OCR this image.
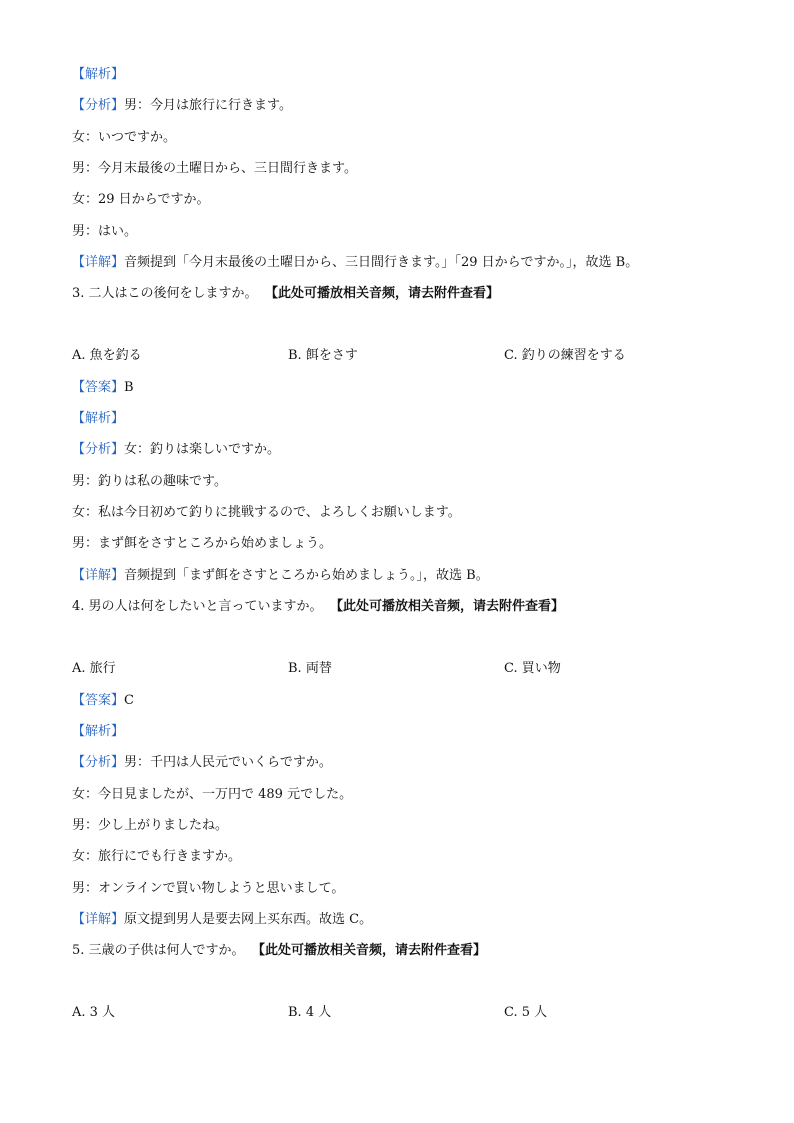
【解析】
【分析】男：今月は旅行に行きます。
女：いつですか。
男：今月末最後の土曜日から、三日間行きます。
女：29 日からですか。
男：はい。
【详解】音频提到「今月末最後の土曜日から、三日間行きます。」「29 日からですか。」，故选 B。
3. 二人はこの後何をしますか。 【此处可播放相关音频，请去附件查看】
A. 魚を釣る	B. 餌をさす	C. 釣りの練習をする
【答案】B
【解析】
【分析】女：釣りは楽しいですか。
男：釣りは私の趣味です。
女：私は今日初めて釣りに挑戦するので、よろしくお願いします。
男：まず餌をさすところから始めましょう。
【详解】音频提到「まず餌をさすところから始めましょう。」，故选 B。
4. 男の人は何をしたいと言っていますか。 【此处可播放相关音频，请去附件查看】
A. 旅行	B. 両替	C. 買い物
【答案】C
【解析】
【分析】男：千円は人民元でいくらですか。
女：今日見ましたが、一万円で 489 元でした。
男：少し上がりましたね。
女：旅行にでも行きますか。
男：オンラインで買い物しようと思いまして。
【详解】原文提到男人是要去网上买东西。故选 C。
5. 三歳の子供は何人ですか。 【此处可播放相关音频，请去附件查看】
A. 3 人	B. 4 人	C. 5 人
